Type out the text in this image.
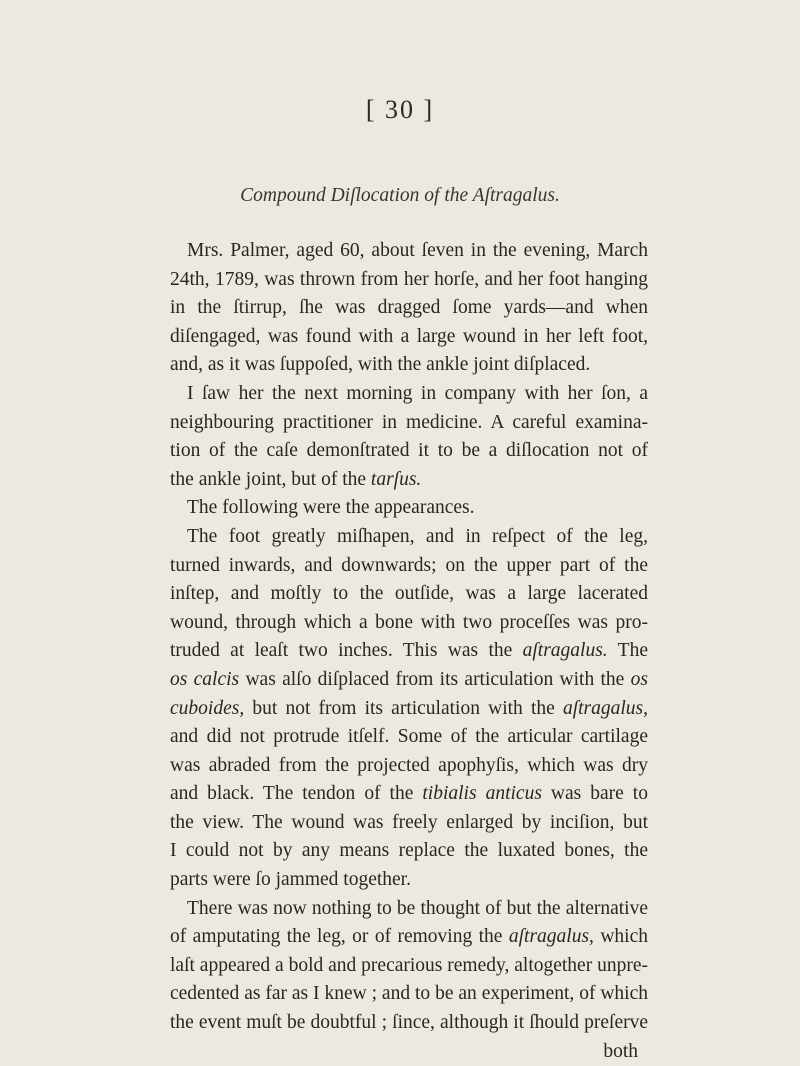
[ 30 ]
Compound Diſlocation of the Aſtragalus.
Mrs. Palmer, aged 60, about ſeven in the evening, March
24th, 1789, was thrown from her horſe, and her foot hanging
in the ſtirrup, ſhe was dragged ſome yards—and when
diſengaged, was found with a large wound in her left foot,
and, as it was ſuppoſed, with the ankle joint diſplaced.
I ſaw her the next morning in company with her ſon, a
neighbouring practitioner in medicine. A careful examina-
tion of the caſe demonſtrated it to be a diſlocation not of
the ankle joint, but of the tarſus.
The following were the appearances.
The foot greatly miſhapen, and in reſpect of the leg,
turned inwards, and downwards; on the upper part of the
inſtep, and moſtly to the outſide, was a large lacerated
wound, through which a bone with two proceſſes was pro-
truded at leaſt two inches. This was the aſtragalus. The
os calcis was alſo diſplaced from its articulation with the os
cuboides, but not from its articulation with the aſtragalus,
and did not protrude itſelf. Some of the articular cartilage
was abraded from the projected apophyſis, which was dry
and black. The tendon of the tibialis anticus was bare to
the view. The wound was freely enlarged by inciſion, but
I could not by any means replace the luxated bones, the
parts were ſo jammed together.
There was now nothing to be thought of but the alternative
of amputating the leg, or of removing the aſtragalus, which
laſt appeared a bold and precarious remedy, altogether unpre-
cedented as far as I knew ; and to be an experiment, of which
the event muſt be doubtful ; ſince, although it ſhould preſerve
both
